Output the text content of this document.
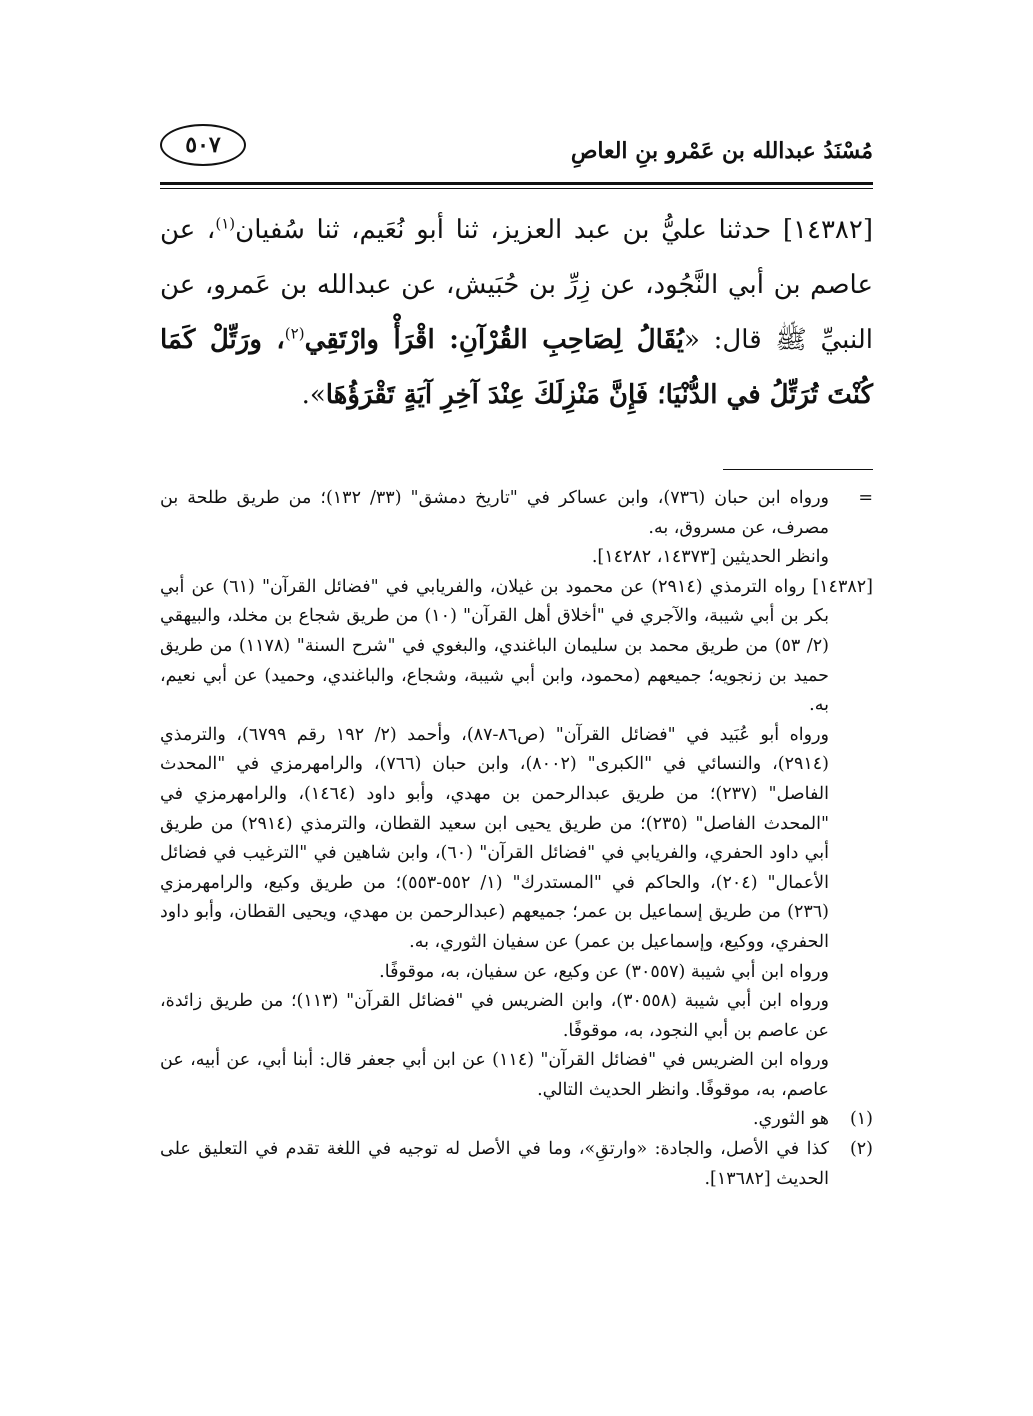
مُسْنَدُ عبدالله بن عَمْرو بنِ العاصِ
٥٠٧
[١٤٣٨٢] حدثنا عليُّ بن عبد العزيز، ثنا أبو نُعَيم، ثنا سُفيان$^{(١)}$، عن عاصم بن أبي النَّجُود، عن زِرِّ بن حُبَيش، عن عبدالله بن عَمرو، عن النبيِّ ﷺ قال: «يُقَالُ لِصَاحِبِ القُرْآنِ: اقْرَأْ وارْتَقِي$^{(٢)}$، ورَتِّلْ كَمَا كُنْتَ تُرَتِّلُ في الدُّنْيَا؛ فَإِنَّ مَنْزِلَكَ عِنْدَ آخِرِ آيَةٍ تَقْرَؤُهَا».
=

ورواه ابن حبان (٧٣٦)، وابن عساكر في "تاريخ دمشق" (٣٣/ ١٣٢)؛ من طريق طلحة بن مصرف، عن مسروق، به.

وانظر الحديثين [١٤٣٧٣، ١٤٢٨٢].

[١٤٣٨٢] رواه الترمذي (٢٩١٤) عن محمود بن غيلان، والفريابي في "فضائل القرآن" (٦١) عن أبي بكر بن أبي شيبة، والآجري في "أخلاق أهل القرآن" (١٠) من طريق شجاع بن مخلد، والبيهقي (٢/ ٥٣) من طريق محمد بن سليمان الباغندي، والبغوي في "شرح السنة" (١١٧٨) من طريق حميد بن زنجويه؛ جميعهم (محمود، وابن أبي شيبة، وشجاع، والباغندي، وحميد) عن أبي نعيم، به.

ورواه أبو عُبَيد في "فضائل القرآن" (ص٨٦-٨٧)، وأحمد (٢/ ١٩٢ رقم ٦٧٩٩)، والترمذي (٢٩١٤)، والنسائي في "الكبرى" (٨٠٠٢)، وابن حبان (٧٦٦)، والرامهرمزي في "المحدث الفاصل" (٢٣٧)؛ من طريق عبدالرحمن بن مهدي، وأبو داود (١٤٦٤)، والرامهرمزي في "المحدث الفاصل" (٢٣٥)؛ من طريق يحيى ابن سعيد القطان، والترمذي (٢٩١٤) من طريق أبي داود الحفري، والفريابي في "فضائل القرآن" (٦٠)، وابن شاهين في "الترغيب في فضائل الأعمال" (٢٠٤)، والحاكم في "المستدرك" (١/ ٥٥٢-٥٥٣)؛ من طريق وكيع، والرامهرمزي (٢٣٦) من طريق إسماعيل بن عمر؛ جميعهم (عبدالرحمن بن مهدي، ويحيى القطان، وأبو داود الحفري، ووكيع، وإسماعيل بن عمر) عن سفيان الثوري، به.

ورواه ابن أبي شيبة (٣٠٥٥٧) عن وكيع، عن سفيان، به، موقوفًا.

ورواه ابن أبي شيبة (٣٠٥٥٨)، وابن الضريس في "فضائل القرآن" (١١٣)؛ من طريق زائدة، عن عاصم بن أبي النجود، به، موقوفًا.

ورواه ابن الضريس في "فضائل القرآن" (١١٤) عن ابن أبي جعفر قال: أبنا أبي، عن أبيه، عن عاصم، به، موقوفًا. وانظر الحديث التالي.

(١)

هو الثوري.

(٢)

كذا في الأصل، والجادة: «وارتقِ»، وما في الأصل له توجيه في اللغة تقدم في التعليق على الحديث [١٣٦٨٢].
